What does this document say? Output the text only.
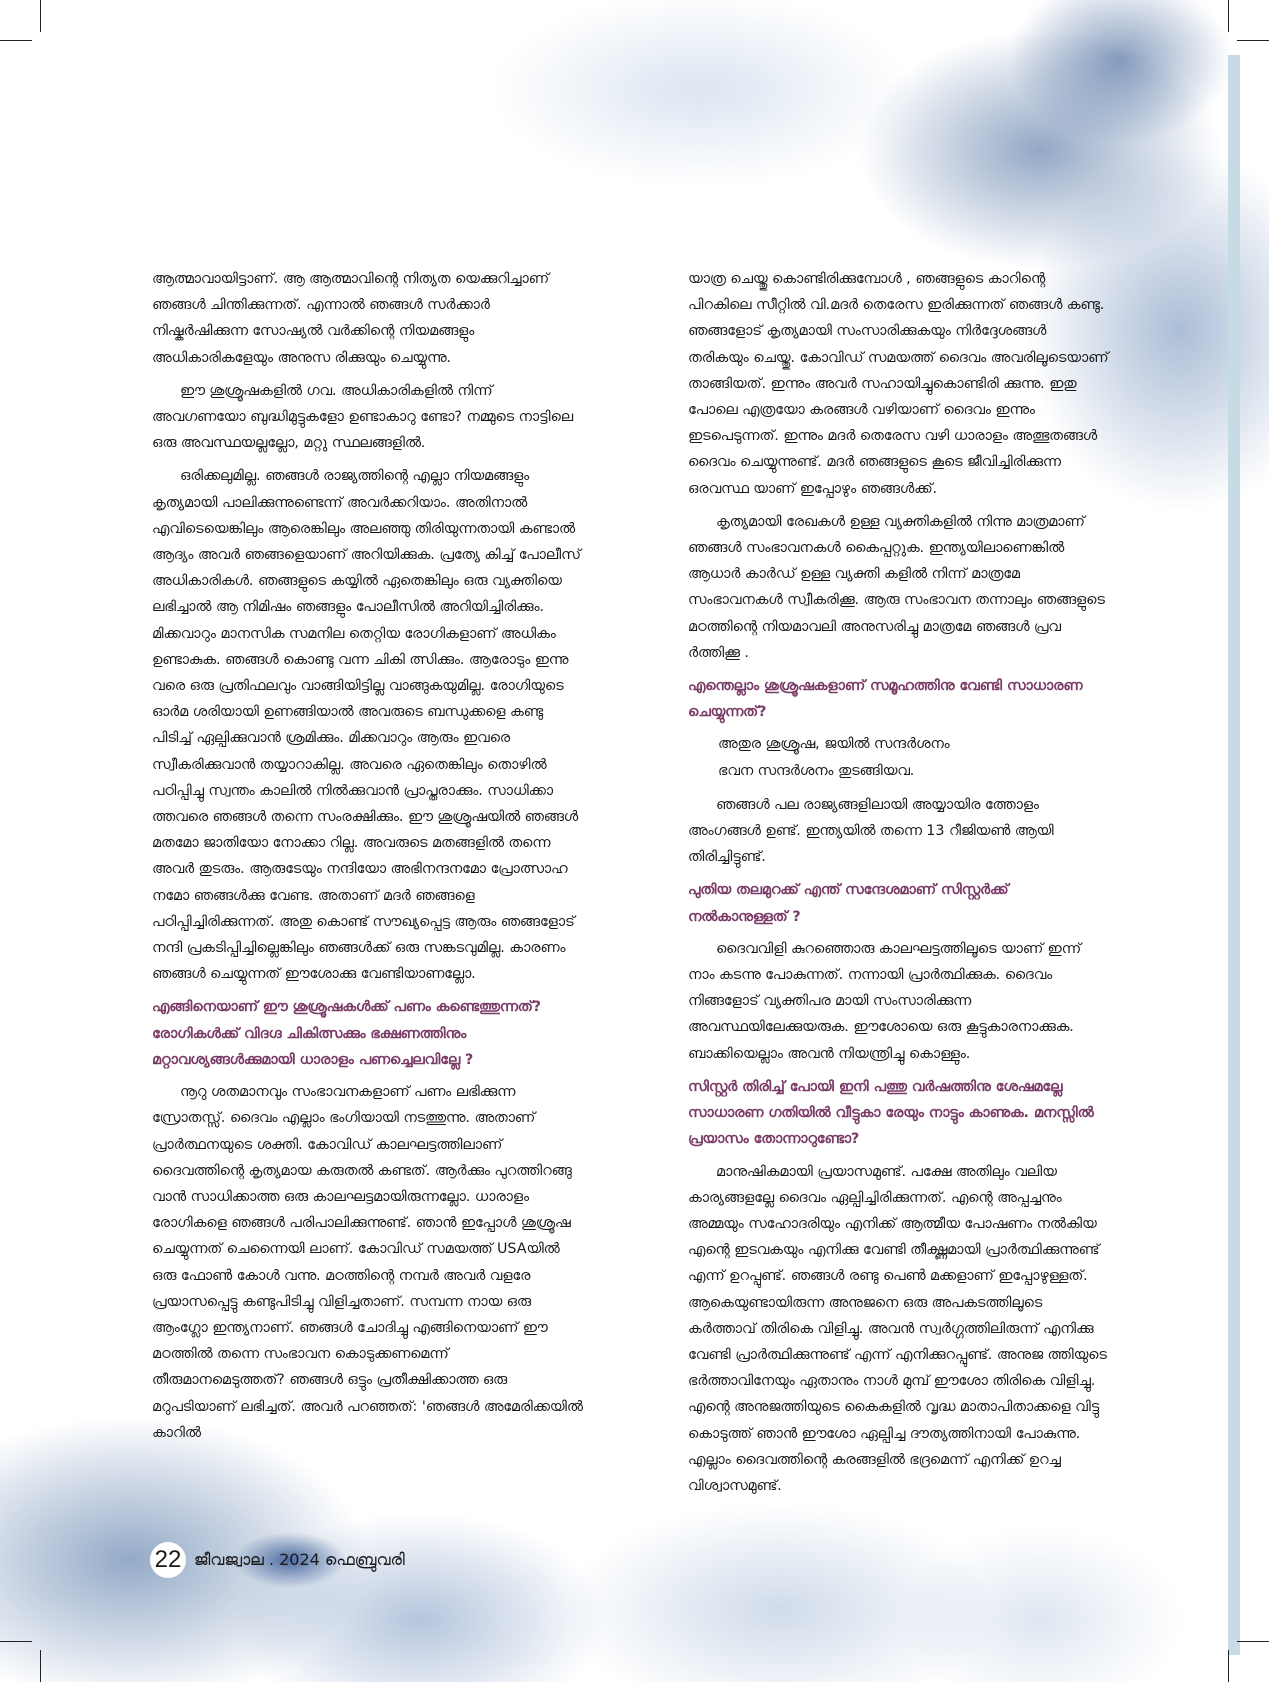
ആത്മാവായിട്ടാണ്. ആ ആത്മാവിന്റെ നിത്യത യെക്കുറിച്ചാണ് ഞങ്ങൾ ചിന്തിക്കുന്നത്. എന്നാൽ ഞങ്ങൾ സർക്കാർ നിഷ്കർഷിക്കുന്ന സോഷ്യൽ വർക്കിന്റെ നിയമങ്ങളും അധികാരികളേയും അനുസ രിക്കുയും ചെയ്യുന്നു.

ഈ ശുശ്രൂഷകളിൽ ഗവ. അധികാരികളിൽ നിന്ന് അവഗണയോ ബുദ്ധിമുട്ടുകളോ ഉണ്ടാകാറു ണ്ടോ? നമ്മുടെ നാട്ടിലെ ഒരു അവസ്ഥയല്ലല്ലോ, മറ്റു സ്ഥലങ്ങളിൽ.

ഒരിക്കലുമില്ല. ഞങ്ങൾ രാജ്യത്തിന്റെ എല്ലാ നിയമങ്ങളും കൃത്യമായി പാലിക്കുന്നുണ്ടെന്ന് അവർക്കറിയാം. അതിനാൽ എവിടെയെങ്കിലും ആരെങ്കിലും അലഞ്ഞു തിരിയുന്നതായി കണ്ടാൽ ആദ്യം അവർ ഞങ്ങളെയാണ് അറിയിക്കുക. പ്രത്യേ കിച്ച് പോലീസ് അധികാരികൾ. ഞങ്ങളുടെ കയ്യിൽ ഏതെങ്കിലും ഒരു വ്യക്തിയെ ലഭിച്ചാൽ ആ നിമിഷം ഞങ്ങളും പോലീസിൽ അറിയിച്ചിരിക്കും. മിക്കവാറും മാനസിക സമനില തെറ്റിയ രോഗികളാണ് അധികം ഉണ്ടാകുക. ഞങ്ങൾ കൊണ്ടു വന്ന ചികി ത്സിക്കും. ആരോടും ഇന്നു വരെ ഒരു പ്രതിഫലവും വാങ്ങിയിട്ടില്ല വാങ്ങുകയുമില്ല. രോഗിയുടെ ഓർമ ശരിയായി ഉണങ്ങിയാൽ അവരുടെ ബന്ധുക്കളെ കണ്ടു പിടിച്ച് ഏല്പിക്കുവാൻ ശ്രമിക്കും. മിക്കവാറും ആരും ഇവരെ സ്വീകരിക്കുവാൻ തയ്യാറാകില്ല. അവരെ ഏതെങ്കിലും തൊഴിൽ പഠിപ്പിച്ചു സ്വന്തം കാലിൽ നിൽക്കുവാൻ പ്രാപ്തരാക്കും. സാധിക്കാ ത്തവരെ ഞങ്ങൾ തന്നെ സംരക്ഷിക്കും. ഈ ശുശ്രൂഷയിൽ ഞങ്ങൾ മതമോ ജാതിയോ നോക്കാ റില്ല. അവരുടെ മതങ്ങളിൽ തന്നെ അവർ തുടരും. ആരുടേയും നന്ദിയോ അഭിനന്ദനമോ പ്രോത്സാഹ നമോ ഞങ്ങൾക്കു വേണ്ട. അതാണ് മദർ ഞങ്ങളെ പഠിപ്പിച്ചിരിക്കുന്നത്. അതു കൊണ്ട് സൗഖ്യപ്പെട്ട ആരും ഞങ്ങളോട് നന്ദി പ്രകടിപ്പിച്ചില്ലെങ്കിലും ഞങ്ങൾക്ക് ഒരു സങ്കടവുമില്ല. കാരണം ഞങ്ങൾ ചെയ്യുന്നത് ഈശോക്കു വേണ്ടിയാണല്ലോ.

എങ്ങിനെയാണ് ഈ ശുശ്രൂഷകൾക്ക് പണം കണ്ടെത്തുന്നത്? രോഗികൾക്ക് വിദഗ്ദ ചികിത്സക്കും ഭക്ഷണത്തിനും മറ്റാവശ്യങ്ങൾക്കുമായി ധാരാളം പണച്ചെലവില്ലേ ?

നൂറു ശതമാനവും സംഭാവനകളാണ് പണം ലഭിക്കുന്ന സ്രോതസ്സ്. ദൈവം എല്ലാം ഭംഗിയായി നടത്തുന്നു. അതാണ് പ്രാർത്ഥനയുടെ ശക്തി. കോവിഡ് കാലഘട്ടത്തിലാണ് ദൈവത്തിന്റെ കൃത്യമായ കരുതൽ കണ്ടത്. ആർക്കും പുറത്തിറങ്ങു വാൻ സാധിക്കാത്ത ഒരു കാലഘട്ടമായിരുന്നല്ലോ. ധാരാളം രോഗികളെ ഞങ്ങൾ പരിപാലിക്കുന്നുണ്ട്. ഞാൻ ഇപ്പോൾ ശുശ്രൂഷ ചെയ്യുന്നത് ചെന്നൈയി ലാണ്. കോവിഡ് സമയത്ത് USAയിൽ ഒരു ഫോൺ കോൾ വന്നു. മഠത്തിന്റെ നമ്പർ അവർ വളരേ പ്രയാസപ്പെട്ടു കണ്ടുപിടിച്ചു വിളിച്ചതാണ്. സമ്പന്ന നായ ഒരു ആംഗ്ലോ ഇന്ത്യനാണ്. ഞങ്ങൾ ചോദിച്ചു എങ്ങിനെയാണ് ഈ മഠത്തിൽ തന്നെ സംഭാവന കൊടുക്കണമെന്ന് തീരുമാനമെടുത്തത്? ഞങ്ങൾ ഒട്ടും പ്രതീക്ഷിക്കാത്ത ഒരു മറുപടിയാണ് ലഭിച്ചത്. അവർ പറഞ്ഞത്: 'ഞങ്ങൾ അമേരിക്കയിൽ കാറിൽ

യാത്ര ചെയ്തു കൊണ്ടിരിക്കുമ്പോൾ , ഞങ്ങളുടെ കാറിന്റെ പിറകിലെ സീറ്റിൽ വി.മദർ തെരേസ ഇരിക്കുന്നത് ഞങ്ങൾ കണ്ടു. ഞങ്ങളോട് കൃത്യമായി സംസാരിക്കുകയും നിർദ്ദേശങ്ങൾ തരികയും ചെയ്തു. കോവിഡ് സമയത്ത് ദൈവം അവരിലൂടെയാണ് താങ്ങിയത്. ഇന്നും അവർ സഹായിച്ചുകൊണ്ടിരി ക്കുന്നു. ഇതു പോലെ എത്രയോ കരങ്ങൾ വഴിയാണ് ദൈവം ഇന്നും ഇടപെടുന്നത്. ഇന്നും മദർ തെരേസ വഴി ധാരാളം അത്ഭുതങ്ങൾ ദൈവം ചെയ്യുന്നുണ്ട്. മദർ ഞങ്ങളുടെ കൂടെ ജീവിച്ചിരിക്കുന്ന ഒരവസ്ഥ യാണ് ഇപ്പോഴും ഞങ്ങൾക്ക്.

കൃത്യമായി രേഖകൾ ഉള്ള വ്യക്തികളിൽ നിന്നു മാത്രമാണ് ഞങ്ങൾ സംഭാവനകൾ കൈപ്പറ്റുക. ഇന്ത്യയിലാണെങ്കിൽ ആധാർ കാർഡ് ഉള്ള വ്യക്തി കളിൽ നിന്ന് മാത്രമേ സംഭാവനകൾ സ്വീകരിക്കൂ. ആരു സംഭാവന തന്നാലും ഞങ്ങളുടെ മഠത്തിന്റെ നിയമാവലി അനുസരിച്ചു മാത്രമേ ഞങ്ങൾ പ്രവ ർത്തിക്കൂ .

എന്തെല്ലാം ശുശ്രൂഷകളാണ് സമൂഹത്തിനു വേണ്ടി സാധാരണ ചെയ്യുന്നത്?
അതുര ശുശ്രൂഷ, ജയിൽ സന്ദർശനം
ഭവന സന്ദർശനം തുടങ്ങിയവ.

ഞങ്ങൾ പല രാജ്യങ്ങളിലായി അയ്യായിര ത്തോളം അംഗങ്ങൾ ഉണ്ട്. ഇന്ത്യയിൽ തന്നെ 13 റീജിയൺ ആയി തിരിച്ചിട്ടുണ്ട്.

പുതിയ തലമുറക്ക് എന്ത് സന്ദേശമാണ് സിസ്റ്റർക്ക് നൽകാനുള്ളത് ?

ദൈവവിളി കുറഞ്ഞൊരു കാലഘട്ടത്തിലൂടെ യാണ് ഇന്ന് നാം കടന്നു പോകുന്നത്. നന്നായി പ്രാർത്ഥിക്കുക. ദൈവം നിങ്ങളോട് വ്യക്തിപര മായി സംസാരിക്കുന്ന അവസ്ഥയിലേക്കുയരുക. ഈശോയെ ഒരു കൂട്ടുകാരനാക്കുക. ബാക്കിയെല്ലാം അവൻ നിയന്ത്രിച്ചു കൊള്ളും.

സിസ്റ്റർ തിരിച്ച് പോയി ഇനി പത്തു വർഷത്തിനു ശേഷമല്ലേ സാധാരണ ഗതിയിൽ വീട്ടുകാ രേയും നാട്ടും കാണുക. മനസ്സിൽ പ്രയാസം തോന്നാറുണ്ടോ?

മാനുഷികമായി പ്രയാസമുണ്ട്. പക്ഷേ അതിലും വലിയ കാര്യങ്ങളല്ലേ ദൈവം ഏല്പിച്ചിരിക്കുന്നത്. എന്റെ അപ്പച്ചനും അമ്മയും സഹോദരിയും എനിക്ക് ആത്മീയ പോഷണം നൽകിയ എന്റെ ഇടവകയും എനിക്കു വേണ്ടി തീക്ഷ്ണമായി പ്രാർത്ഥിക്കുന്നുണ്ട് എന്ന് ഉറപ്പുണ്ട്. ഞങ്ങൾ രണ്ടു പെൺ മക്കളാണ് ഇപ്പോഴുള്ളത്. ആകെയുണ്ടായിരുന്ന അനുജനെ ഒരു അപകടത്തിലൂടെ കർത്താവ് തിരികെ വിളിച്ചു. അവൻ സ്വർഗ്ഗത്തിലിരുന്ന് എനിക്കു വേണ്ടി പ്രാർത്ഥിക്കുന്നുണ്ട് എന്ന് എനിക്കുറപ്പുണ്ട്. അനുജ ത്തിയുടെ ഭർത്താവിനേയും ഏതാനും നാൾ മുമ്പ് ഈശോ തിരികെ വിളിച്ചു. എന്റെ അനുജത്തിയുടെ കൈകളിൽ വൃദ്ധ മാതാപിതാക്കളെ വിട്ടു കൊടുത്ത് ഞാൻ ഈശോ ഏല്പിച്ച ദൗത്യത്തിനായി പോകുന്നു. എല്ലാം ദൈവത്തിന്റെ കരങ്ങളിൽ ഭദ്രമെന്ന് എനിക്ക് ഉറച്ച വിശ്വാസമുണ്ട്.

22 ജീവജ്വാല . 2024 ഫെബ്രുവരി
